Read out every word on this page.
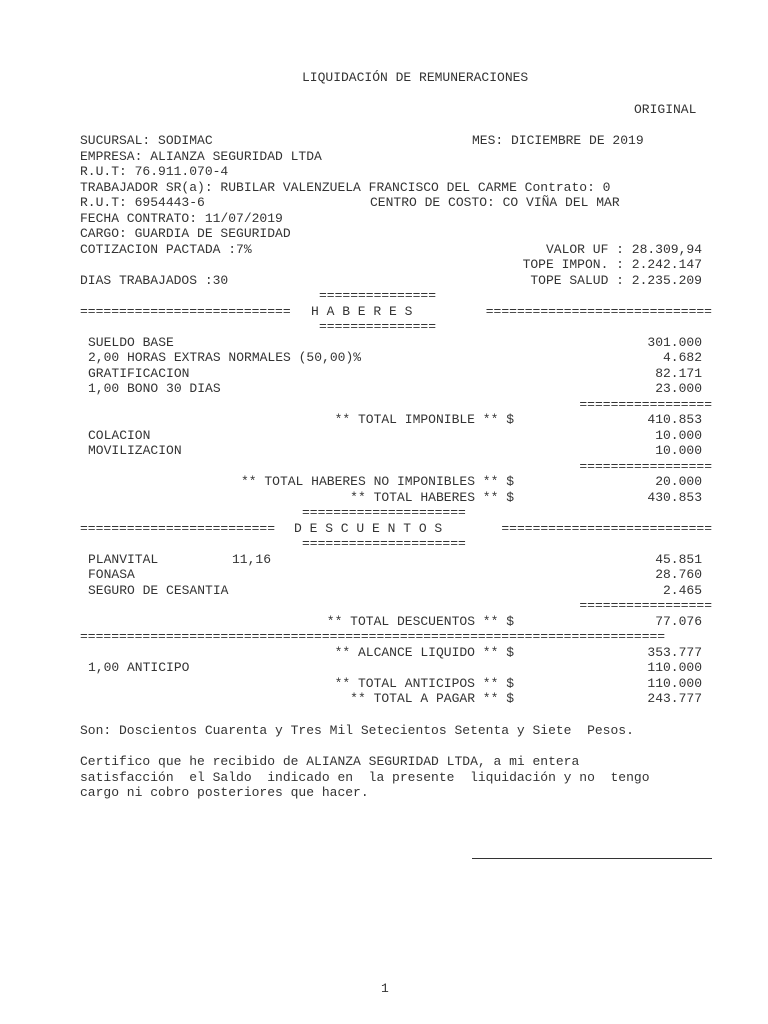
LIQUIDACIÓN DE REMUNERACIONES
ORIGINAL
SUCURSAL: SODIMAC	MES: DICIEMBRE DE 2019
EMPRESA: ALIANZA SEGURIDAD LTDA
R.U.T: 76.911.070-4
TRABAJADOR SR(a): RUBILAR VALENZUELA FRANCISCO DEL CARME Contrato: 0
R.U.T: 6954443-6	CENTRO DE COSTO: CO VIÑA DEL MAR
FECHA CONTRATO: 11/07/2019
CARGO: GUARDIA DE SEGURIDAD
COTIZACION PACTADA :7%	VALOR UF : 28.309,94
TOPE IMPON. : 2.242.147
DIAS TRABAJADOS :30	TOPE SALUD : 2.235.209
===============
=========================== H A B E R E S	=============================
===============
SUELDO BASE	301.000
2,00 HORAS EXTRAS NORMALES (50,00)%	4.682
GRATIFICACION	82.171
1,00 BONO 30 DIAS	23.000
=================
** TOTAL IMPONIBLE ** $	410.853
COLACION	10.000
MOVILIZACION	10.000
=================
** TOTAL HABERES NO IMPONIBLES ** $	20.000
** TOTAL HABERES ** $	430.853
=====================
========================= D E S C U E N T O S	===========================
=====================
PLANVITAL	11,16	45.851
FONASA	28.760
SEGURO DE CESANTIA	2.465
=================
** TOTAL DESCUENTOS ** $	77.076
===========================================================================
** ALCANCE LIQUIDO ** $	353.777
1,00 ANTICIPO	110.000
** TOTAL ANTICIPOS ** $	110.000
** TOTAL A PAGAR ** $	243.777
Son: Doscientos Cuarenta y Tres Mil Setecientos Setenta y Siete  Pesos.
Certifico que he recibido de ALIANZA SEGURIDAD LTDA, a mi entera
satisfacción  el Saldo  indicado en  la presente  liquidación y no  tengo
cargo ni cobro posteriores que hacer.
1
